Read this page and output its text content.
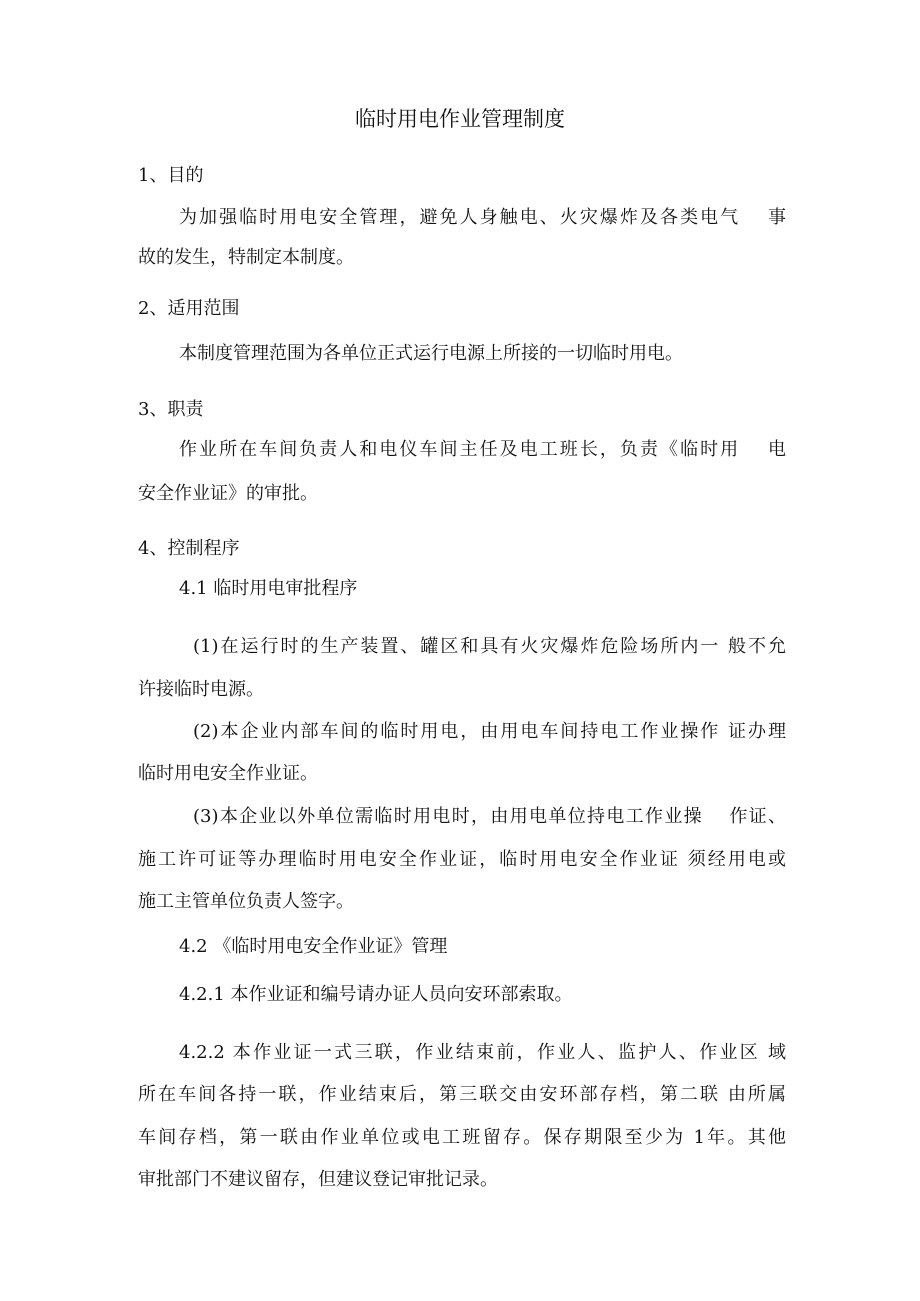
临时用电作业管理制度

1、目的

为加强临时用电安全管理，避免人身触电、火灾爆炸及各类电气　 事

故的发生，特制定本制度。

2、适用范围

本制度管理范围为各单位正式运行电源上所接的一切临时用电。

3、职责

作业所在车间负责人和电仪车间主任及电工班长，负责《临时用　 电

安全作业证》的审批。

4、控制程序

4.1 临时用电审批程序

(1)在运行时的生产装置、罐区和具有火灾爆炸危险场所内一 般不允

许接临时电源。

(2)本企业内部车间的临时用电，由用电车间持电工作业操作 证办理

临时用电安全作业证。

(3)本企业以外单位需临时用电时，由用电单位持电工作业操　 作证、

施工许可证等办理临时用电安全作业证，临时用电安全作业证 须经用电或

施工主管单位负责人签字。

4.2 《临时用电安全作业证》管理

4.2.1 本作业证和编号请办证人员向安环部索取。

4.2.2 本作业证一式三联，作业结束前，作业人、监护人、作业区 域

所在车间各持一联，作业结束后，第三联交由安环部存档，第二联 由所属

车间存档，第一联由作业单位或电工班留存。保存期限至少为 1年。其他

审批部门不建议留存，但建议登记审批记录。
